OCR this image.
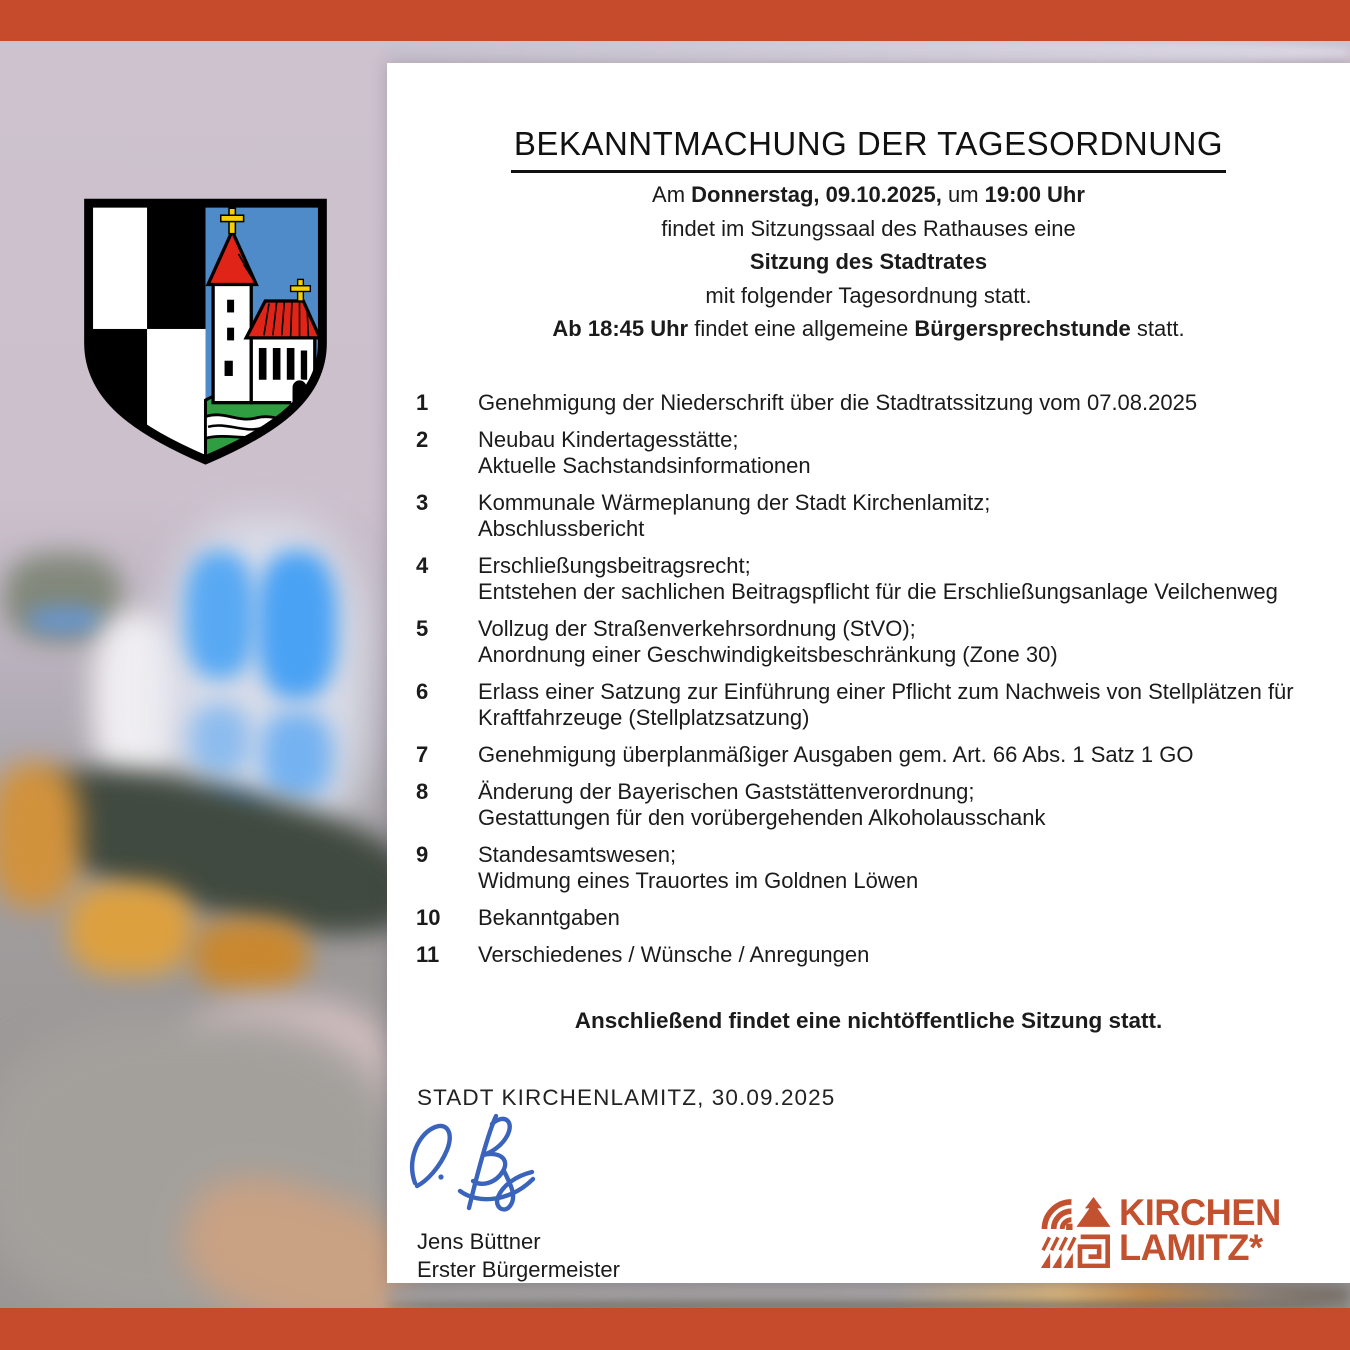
BEKANNTMACHUNG DER TAGESORDNUNG
Am Donnerstag, 09.10.2025, um 19:00 Uhr
findet im Sitzungssaal des Rathauses eine
Sitzung des Stadtrates
mit folgender Tagesordnung statt.
Ab 18:45 Uhr findet eine allgemeine Bürgersprechstunde statt.
1	Genehmigung der Niederschrift über die Stadtratssitzung vom 07.08.2025
2	Neubau Kindertagesstätte;
Aktuelle Sachstandsinformationen
3	Kommunale Wärmeplanung der Stadt Kirchenlamitz;
Abschlussbericht
4	Erschließungsbeitragsrecht;
Entstehen der sachlichen Beitragspflicht für die Erschließungsanlage Veilchenweg
5	Vollzug der Straßenverkehrsordnung (StVO);
Anordnung einer Geschwindigkeitsbeschränkung (Zone 30)
6	Erlass einer Satzung zur Einführung einer Pflicht zum Nachweis von Stellplätzen für
Kraftfahrzeuge (Stellplatzsatzung)
7	Genehmigung überplanmäßiger Ausgaben gem. Art. 66 Abs. 1 Satz 1 GO
8	Änderung der Bayerischen Gaststättenverordnung;
Gestattungen für den vorübergehenden Alkoholausschank
9	Standesamtswesen;
Widmung eines Trauortes im Goldnen Löwen
10	Bekanntgaben
11	Verschiedenes / Wünsche / Anregungen
Anschließend findet eine nichtöffentliche Sitzung statt.
STADT KIRCHENLAMITZ, 30.09.2025
Jens Büttner
Erster Bürgermeister
KIRCHEN
LAMITZ*
